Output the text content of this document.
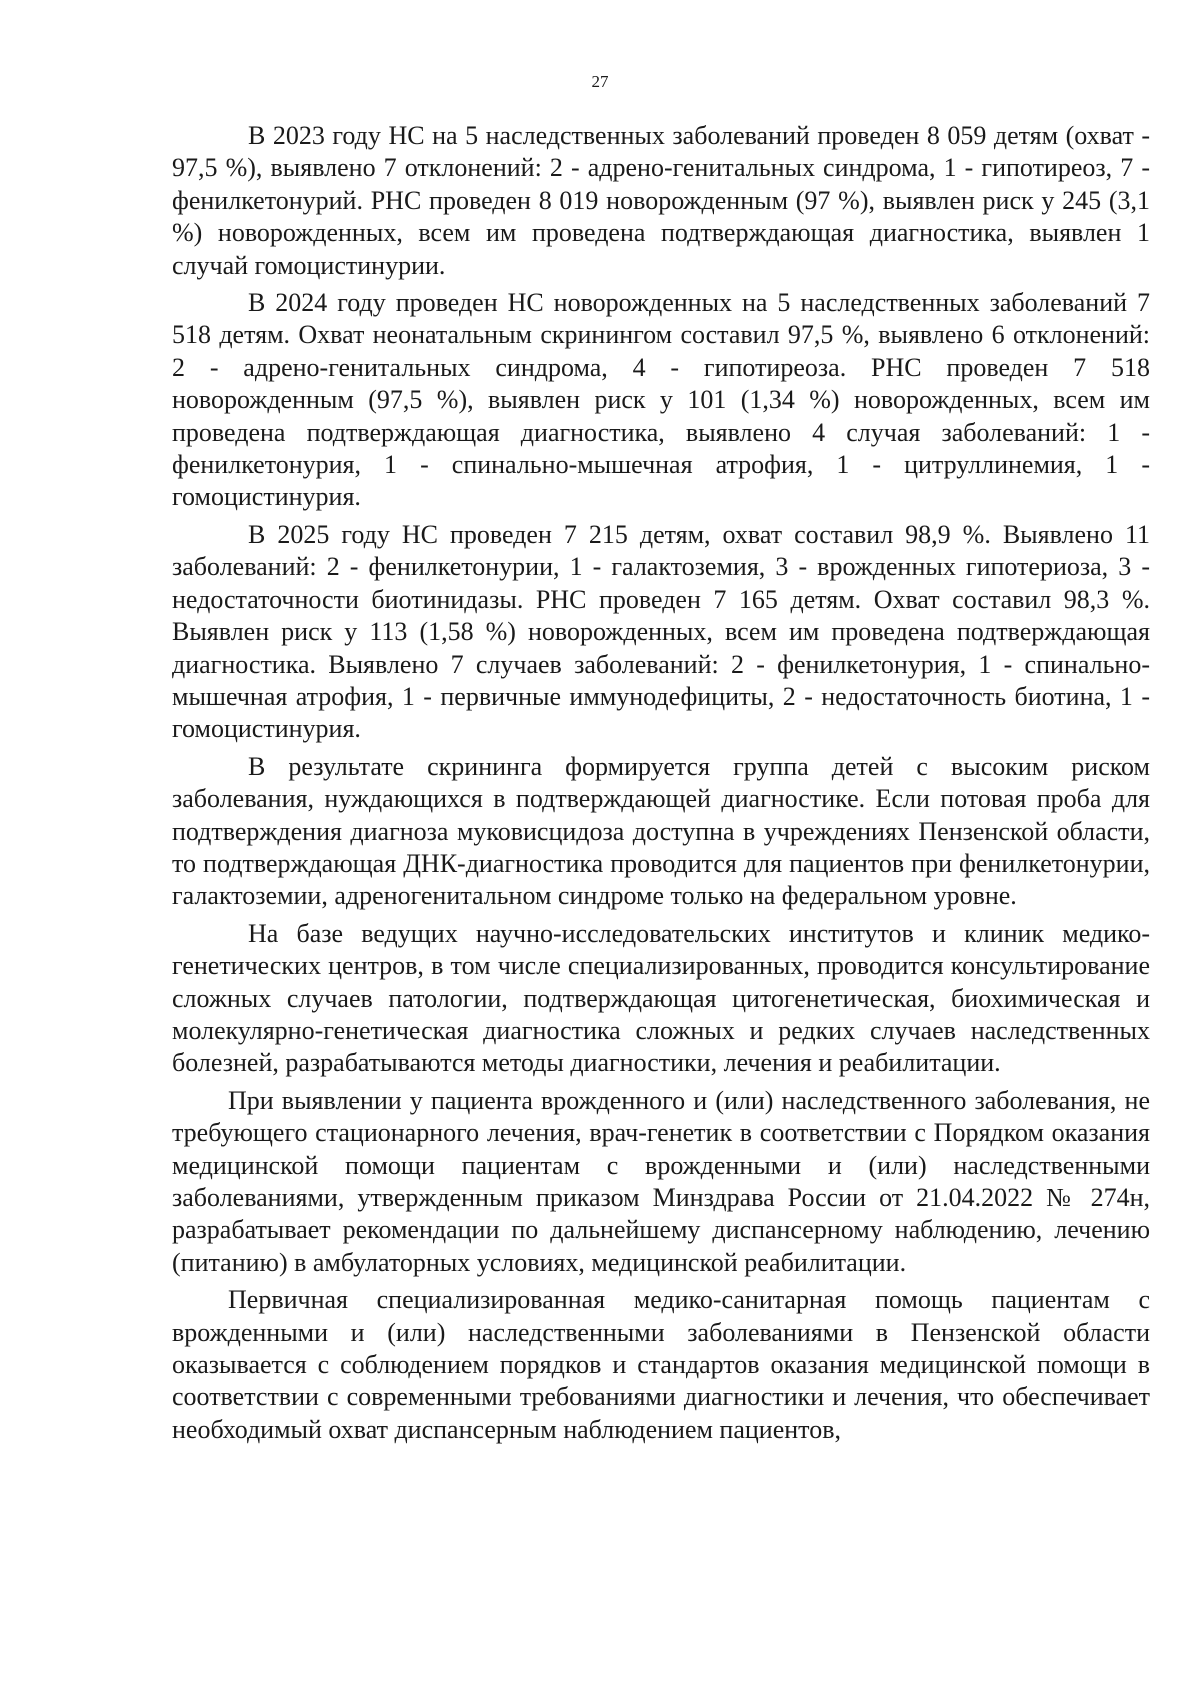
27

В 2023 году НС на 5 наследственных заболеваний проведен 8 059 детям (охват - 97,5 %), выявлено 7 отклонений: 2 - адрено-генитальных синдрома, 1 - гипотиреоз, 7 - фенилкетонурий. РНС проведен 8 019 новорожденным (97 %), выявлен риск у 245 (3,1 %) новорожденных, всем им проведена подтверждающая диагностика, выявлен 1 случай гомоцистинурии.

В 2024 году проведен НС новорожденных на 5 наследственных заболеваний 7 518 детям. Охват неонатальным скринингом составил 97,5 %, выявлено 6 отклонений: 2 - адрено-генитальных синдрома, 4 - гипотиреоза. РНС проведен 7 518 новорожденным (97,5 %), выявлен риск у 101 (1,34 %) новорожденных, всем им проведена подтверждающая диагностика, выявлено 4 случая заболеваний: 1 - фенилкетонурия, 1 - спинально-мышечная атрофия, 1 - цитруллинемия, 1 - гомоцистинурия.

В 2025 году НС проведен 7 215 детям, охват составил 98,9 %. Выявлено 11 заболеваний: 2 - фенилкетонурии, 1 - галактоземия, 3 - врожденных гипотериоза, 3 - недостаточности биотинидазы. РНС проведен 7 165 детям. Охват составил 98,3 %. Выявлен риск у 113 (1,58 %) новорожденных, всем им проведена подтверждающая диагностика. Выявлено 7 случаев заболеваний: 2 - фенилкетонурия, 1 - спинально-мышечная атрофия, 1 - первичные иммунодефициты, 2 - недостаточность биотина, 1 - гомоцистинурия.

В результате скрининга формируется группа детей с высоким риском заболевания, нуждающихся в подтверждающей диагностике. Если потовая проба для подтверждения диагноза муковисцидоза доступна в учреждениях Пензенской области, то подтверждающая ДНК-диагностика проводится для пациентов при фенилкетонурии, галактоземии, адреногенитальном синдроме только на федеральном уровне.

На базе ведущих научно-исследовательских институтов и клиник медико-генетических центров, в том числе специализированных, проводится консультирование сложных случаев патологии, подтверждающая цитогенетическая, биохимическая и молекулярно-генетическая диагностика сложных и редких случаев наследственных болезней, разрабатываются методы диагностики, лечения и реабилитации.

При выявлении у пациента врожденного и (или) наследственного заболевания, не требующего стационарного лечения, врач-генетик в соответствии с Порядком оказания медицинской помощи пациентам с врожденными и (или) наследственными заболеваниями, утвержденным приказом Минздрава России от 21.04.2022 № 274н, разрабатывает рекомендации по дальнейшему диспансерному наблюдению, лечению (питанию) в амбулаторных условиях, медицинской реабилитации.

Первичная специализированная медико-санитарная помощь пациентам с врожденными и (или) наследственными заболеваниями в Пензенской области оказывается с соблюдением порядков и стандартов оказания медицинской помощи в соответствии с современными требованиями диагностики и лечения, что обеспечивает необходимый охват диспансерным наблюдением пациентов,
